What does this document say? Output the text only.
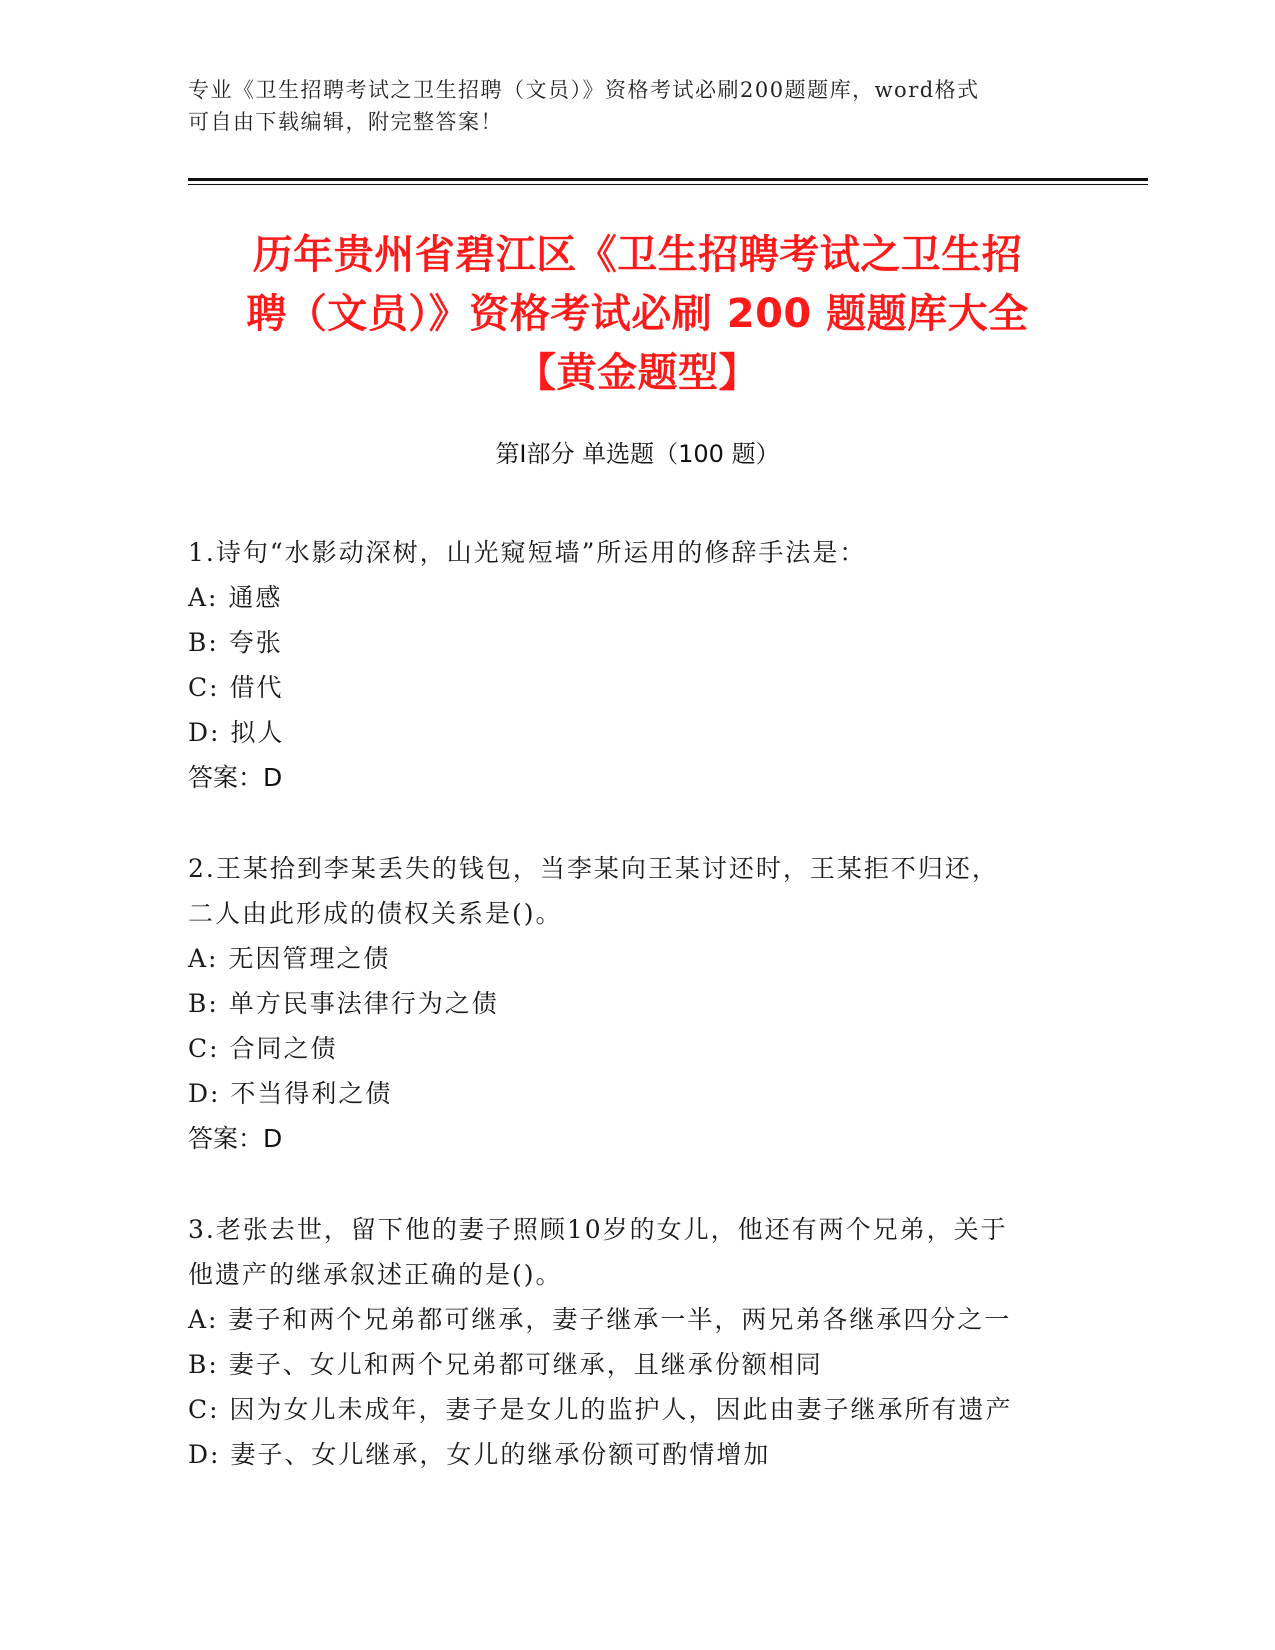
专业《卫生招聘考试之卫生招聘（文员）》资格考试必刷200题题库，word格式
可自由下载编辑，附完整答案！
历年贵州省碧江区《卫生招聘考试之卫生招
聘（文员）》资格考试必刷 200 题题库大全
【黄金题型】
第Ⅰ部分 单选题（100 题）
1.诗句“水影动深树，山光窥短墙”所运用的修辞手法是：
A: 通感
B: 夸张
C: 借代
D: 拟人
答案：D
2.王某拾到李某丢失的钱包，当李某向王某讨还时，王某拒不归还，
二人由此形成的债权关系是()。
A: 无因管理之债
B: 单方民事法律行为之债
C: 合同之债
D: 不当得利之债
答案：D
3.老张去世，留下他的妻子照顾10岁的女儿，他还有两个兄弟，关于
他遗产的继承叙述正确的是()。
A: 妻子和两个兄弟都可继承，妻子继承一半，两兄弟各继承四分之一
B: 妻子、女儿和两个兄弟都可继承，且继承份额相同
C: 因为女儿未成年，妻子是女儿的监护人，因此由妻子继承所有遗产
D: 妻子、女儿继承，女儿的继承份额可酌情增加
